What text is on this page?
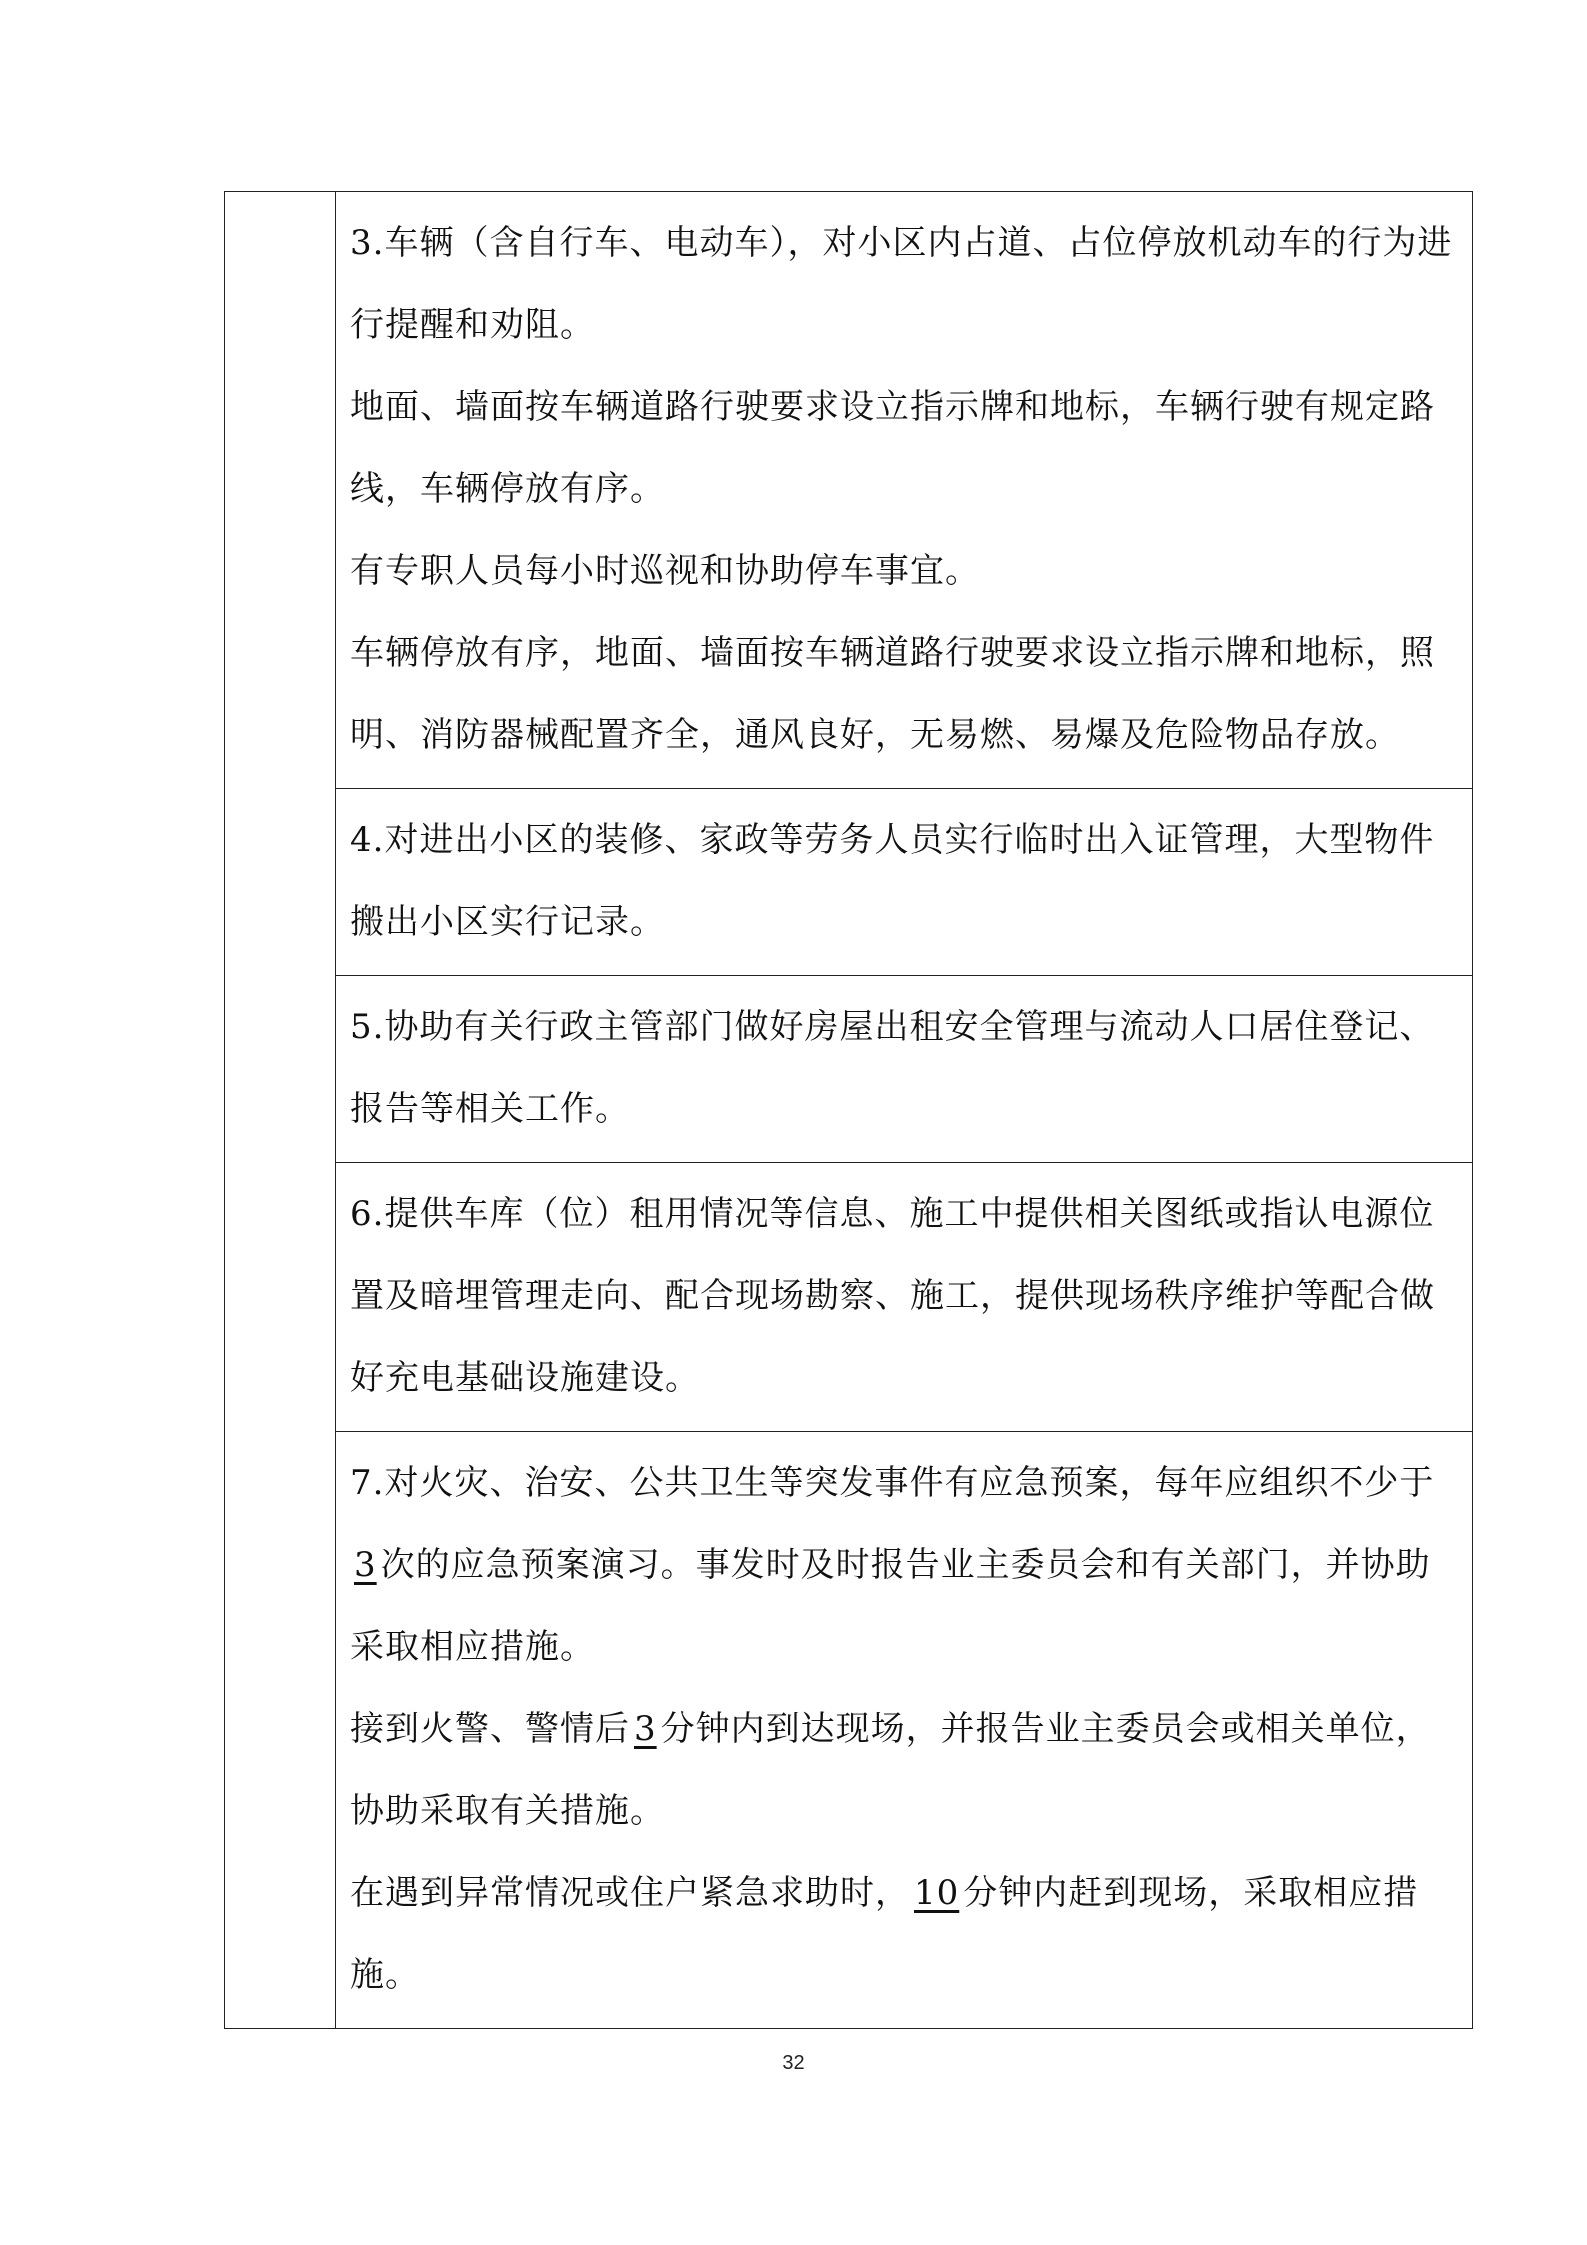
3.车辆（含自行车、电动车），对小区内占道、占位停放机动车的行为进行提醒和劝阻。

地面、墙面按车辆道路行驶要求设立指示牌和地标，车辆行驶有规定路线，车辆停放有序。

有专职人员每小时巡视和协助停车事宜。

车辆停放有序，地面、墙面按车辆道路行驶要求设立指示牌和地标，照明、消防器械配置齐全，通风良好，无易燃、易爆及危险物品存放。

4.对进出小区的装修、家政等劳务人员实行临时出入证管理，大型物件搬出小区实行记录。

5.协助有关行政主管部门做好房屋出租安全管理与流动人口居住登记、报告等相关工作。

6.提供车库（位）租用情况等信息、施工中提供相关图纸或指认电源位置及暗埋管理走向、配合现场勘察、施工，提供现场秩序维护等配合做好充电基础设施建设。

7.对火灾、治安、公共卫生等突发事件有应急预案，每年应组织不少于3 次的应急预案演习。事发时及时报告业主委员会和有关部门，并协助采取相应措施。

接到火警、警情后 3 分钟内到达现场，并报告业主委员会或相关单位，协助采取有关措施。

在遇到异常情况或住户紧急求助时， 10 分钟内赶到现场，采取相应措施。

32
